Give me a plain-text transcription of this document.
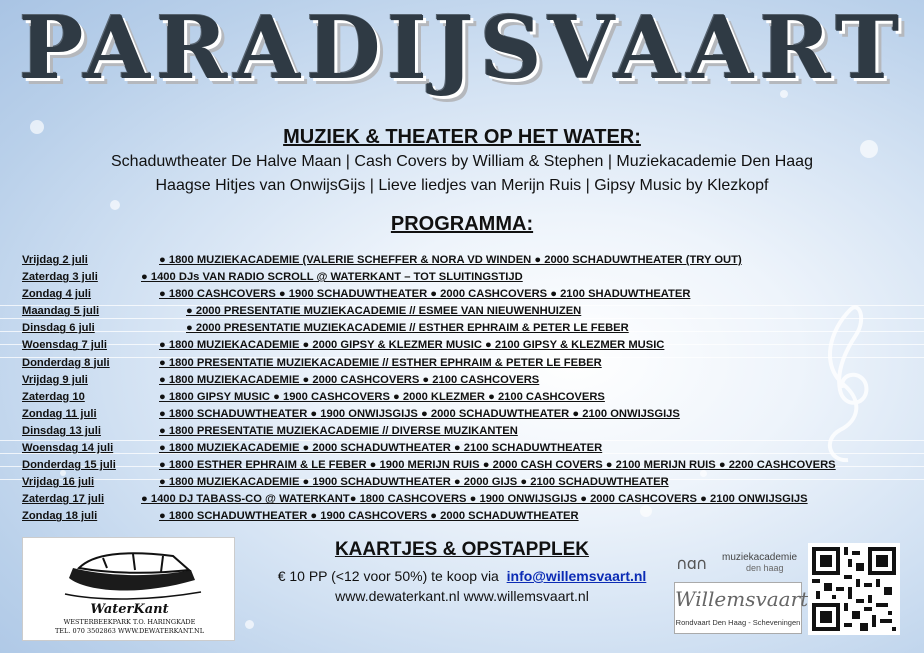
PARADIJSVAART
MUZIEK & THEATER OP HET WATER:
Schaduwtheater De Halve Maan | Cash Covers by William & Stephen | Muziekacademie Den Haag
Haagse Hitjes van OnwijsGijs | Lieve liedjes van Merijn Ruis | Gipsy Music by Klezkopf
PROGRAMMA:
Vrijdag 2 juli	● 1800 MUZIEKACADEMIE (VALERIE SCHEFFER & NORA VD WINDEN ● 2000 SCHADUWTHEATER (TRY OUT)
Zaterdag 3 juli	● 1400 DJs VAN RADIO SCROLL @ WATERKANT – TOT SLUITINGSTIJD
Zondag 4 juli	● 1800 CASHCOVERS ● 1900 SCHADUWTHEATER ● 2000 CASHCOVERS ● 2100 SHADUWTHEATER
Maandag 5 juli	● 2000 PRESENTATIE MUZIEKACADEMIE // ESMEE VAN NIEUWENHUIZEN
Dinsdag 6 juli	● 2000 PRESENTATIE MUZIEKACADEMIE // ESTHER EPHRAIM & PETER LE FEBER
Woensdag 7 juli	● 1800 MUZIEKACADEMIE ● 2000 GIPSY & KLEZMER MUSIC ● 2100 GIPSY & KLEZMER MUSIC
Donderdag 8 juli	● 1800 PRESENTATIE MUZIEKACADEMIE // ESTHER EPHRAIM & PETER LE FEBER
Vrijdag 9 juli	● 1800 MUZIEKACADEMIE ● 2000 CASHCOVERS ● 2100 CASHCOVERS
Zaterdag 10	● 1800 GIPSY MUSIC ● 1900 CASHCOVERS ● 2000 KLEZMER ● 2100 CASHCOVERS
Zondag 11 juli	● 1800 SCHADUWTHEATER ● 1900 ONWIJSGIJS ● 2000 SCHADUWTHEATER ● 2100 ONWIJSGIJS
Dinsdag 13 juli	● 1800 PRESENTATIE MUZIEKACADEMIE // DIVERSE MUZIKANTEN
Woensdag 14 juli	● 1800 MUZIEKACADEMIE ● 2000 SCHADUWTHEATER ● 2100 SCHADUWTHEATER
Donderdag 15 juli	● 1800 ESTHER EPHRAIM & LE FEBER ● 1900 MERIJN RUIS ● 2000 CASH COVERS ● 2100 MERIJN RUIS ● 2200 CASHCOVERS
Vrijdag 16 juli	● 1800 MUZIEKACADEMIE ● 1900 SCHADUWTHEATER ● 2000 GIJS ● 2100 SCHADUWTHEATER
Zaterdag 17 juli	● 1400 DJ TABASS-CO @ WATERKANT● 1800 CASHCOVERS ● 1900 ONWIJSGIJS ● 2000 CASHCOVERS ● 2100 ONWIJSGIJS
Zondag 18 juli	● 1800 SCHADUWTHEATER ● 1900 CASHCOVERS ● 2000 SCHADUWTHEATER
WaterKant
WESTERBEEKPARK T.O. HARINGKADE
TEL. 070 3502863 WWW.DEWATERKANT.NL
KAARTJES & OPSTAPPLEK
€ 10 PP (<12 voor 50%) te koop via info@willemsvaart.nl
www.dewaterkant.nl www.willemsvaart.nl
∩ɑ∩ muziekacademie
den haag
Willemsvaart
Rondvaart Den Haag - Scheveningen
